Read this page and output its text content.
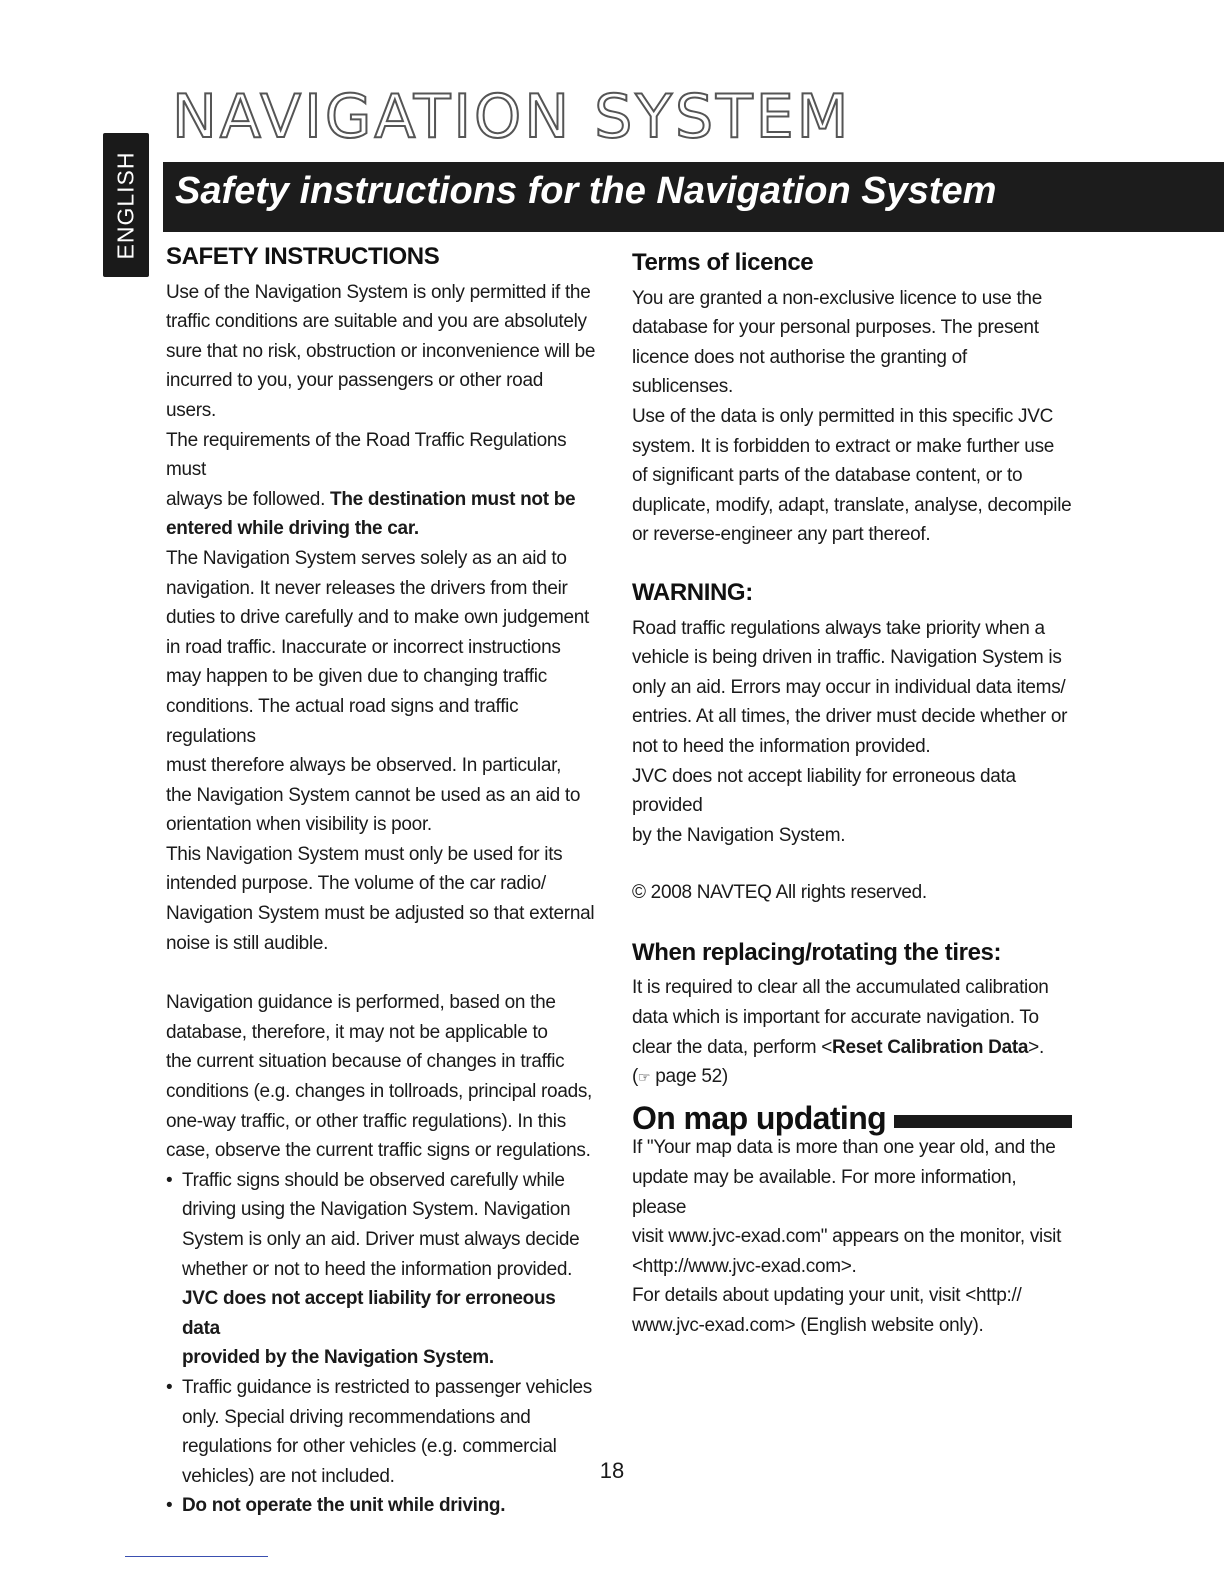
NAVIGATION SYSTEM
ENGLISH Safety instructions for the Navigation System
SAFETY INSTRUCTIONS

Use of the Navigation System is only permitted if the
traffic conditions are suitable and you are absolutely
sure that no risk, obstruction or inconvenience will be
incurred to you, your passengers or other road users.
The requirements of the Road Traffic Regulations must
always be followed. The destination must not be
entered while driving the car.

The Navigation System serves solely as an aid to
navigation. It never releases the drivers from their
duties to drive carefully and to make own judgement
in road traffic. Inaccurate or incorrect instructions
may happen to be given due to changing traffic
conditions. The actual road signs and traffic regulations
must therefore always be observed. In particular,
the Navigation System cannot be used as an aid to
orientation when visibility is poor.
This Navigation System must only be used for its
intended purpose. The volume of the car radio/
Navigation System must be adjusted so that external
noise is still audible.

Navigation guidance is performed, based on the
database, therefore, it may not be applicable to
the current situation because of changes in traffic
conditions (e.g. changes in tollroads, principal roads,
one-way traffic, or other traffic regulations). In this
case, observe the current traffic signs or regulations.

• Traffic signs should be observed carefully while
driving using the Navigation System. Navigation
System is only an aid. Driver must always decide
whether or not to heed the information provided.
JVC does not accept liability for erroneous data
provided by the Navigation System.
• Traffic guidance is restricted to passenger vehicles
only. Special driving recommendations and
regulations for other vehicles (e.g. commercial
vehicles) are not included.
• Do not operate the unit while driving.
Terms of licence

You are granted a non-exclusive licence to use the
database for your personal purposes. The present
licence does not authorise the granting of sublicenses.
Use of the data is only permitted in this specific JVC
system. It is forbidden to extract or make further use
of significant parts of the database content, or to
duplicate, modify, adapt, translate, analyse, decompile
or reverse-engineer any part thereof.

WARNING:

Road traffic regulations always take priority when a
vehicle is being driven in traffic. Navigation System is
only an aid. Errors may occur in individual data items/
entries. At all times, the driver must decide whether or
not to heed the information provided.
JVC does not accept liability for erroneous data provided
by the Navigation System.

© 2008 NAVTEQ All rights reserved.

When replacing/rotating the tires:

It is required to clear all the accumulated calibration
data which is important for accurate navigation. To
clear the data, perform <Reset Calibration Data>.
(☞ page 52)

On map updating

If "Your map data is more than one year old, and the
update may be available. For more information, please
visit www.jvc-exad.com" appears on the monitor, visit
<http://www.jvc-exad.com>.
For details about updating your unit, visit <http://
www.jvc-exad.com> (English website only).

18
